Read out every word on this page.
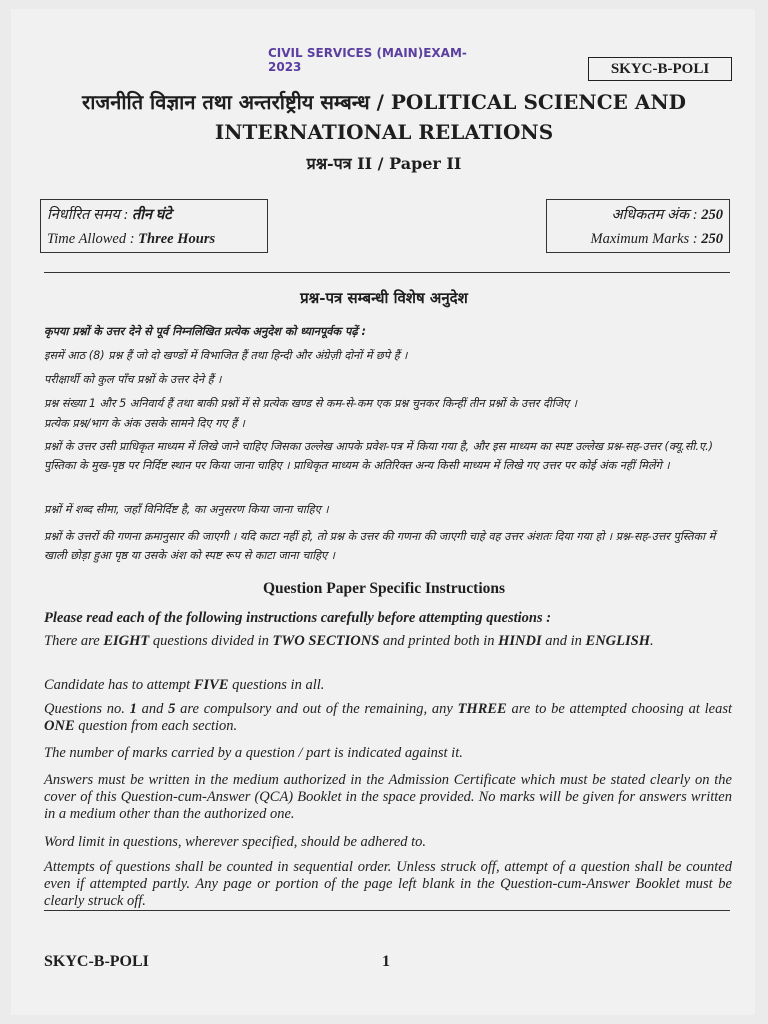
CIVIL SERVICES (MAIN)EXAM- 2023	SKYC-B-POLI
राजनीति विज्ञान तथा अन्तर्राष्ट्रीय सम्बन्ध / POLITICAL SCIENCE AND
INTERNATIONAL RELATIONS
प्रश्न-पत्र II / Paper II
निर्धारित समय : तीन घंटे
Time Allowed : Three Hours
अधिकतम अंक : 250
Maximum Marks : 250
प्रश्न-पत्र सम्बन्धी विशेष अनुदेश
कृपया प्रश्नों के उत्तर देने से पूर्व निम्नलिखित प्रत्येक अनुदेश को ध्यानपूर्वक पढ़ें :
इसमें आठ (8) प्रश्न हैं जो दो खण्डों में विभाजित हैं तथा हिन्दी और अंग्रेज़ी दोनों में छपे हैं ।
परीक्षार्थी को कुल पाँच प्रश्नों के उत्तर देने हैं ।
प्रश्न संख्या 1 और 5 अनिवार्य हैं तथा बाकी प्रश्नों में से प्रत्येक खण्ड से कम-से-कम एक प्रश्न चुनकर किन्हीं तीन प्रश्नों के उत्तर दीजिए ।
प्रत्येक प्रश्न/भाग के अंक उसके सामने दिए गए हैं ।
प्रश्नों के उत्तर उसी प्राधिकृत माध्यम में लिखे जाने चाहिए जिसका उल्लेख आपके प्रवेश-पत्र में किया गया है, और इस माध्यम का स्पष्ट उल्लेख प्रश्न-सह-उत्तर (क्यू.सी.ए.) पुस्तिका के मुख-पृष्ठ पर निर्दिष्ट स्थान पर किया जाना चाहिए । प्राधिकृत माध्यम के अतिरिक्त अन्य किसी माध्यम में लिखे गए उत्तर पर कोई अंक नहीं मिलेंगे ।
प्रश्नों में शब्द सीमा, जहाँ विनिर्दिष्ट है, का अनुसरण किया जाना चाहिए ।
प्रश्नों के उत्तरों की गणना क्रमानुसार की जाएगी । यदि काटा नहीं हो, तो प्रश्न के उत्तर की गणना की जाएगी चाहे वह उत्तर अंशतः दिया गया हो । प्रश्न-सह-उत्तर पुस्तिका में खाली छोड़ा हुआ पृष्ठ या उसके अंश को स्पष्ट रूप से काटा जाना चाहिए ।
Question Paper Specific Instructions
Please read each of the following instructions carefully before attempting questions :
There are EIGHT questions divided in TWO SECTIONS and printed both in HINDI and in ENGLISH.
Candidate has to attempt FIVE questions in all.
Questions no. 1 and 5 are compulsory and out of the remaining, any THREE are to be attempted choosing at least ONE question from each section.
The number of marks carried by a question / part is indicated against it.
Answers must be written in the medium authorized in the Admission Certificate which must be stated clearly on the cover of this Question-cum-Answer (QCA) Booklet in the space provided. No marks will be given for answers written in a medium other than the authorized one.
Word limit in questions, wherever specified, should be adhered to.
Attempts of questions shall be counted in sequential order. Unless struck off, attempt of a question shall be counted even if attempted partly. Any page or portion of the page left blank in the Question-cum-Answer Booklet must be clearly struck off.
SKYC-B-POLI	1
